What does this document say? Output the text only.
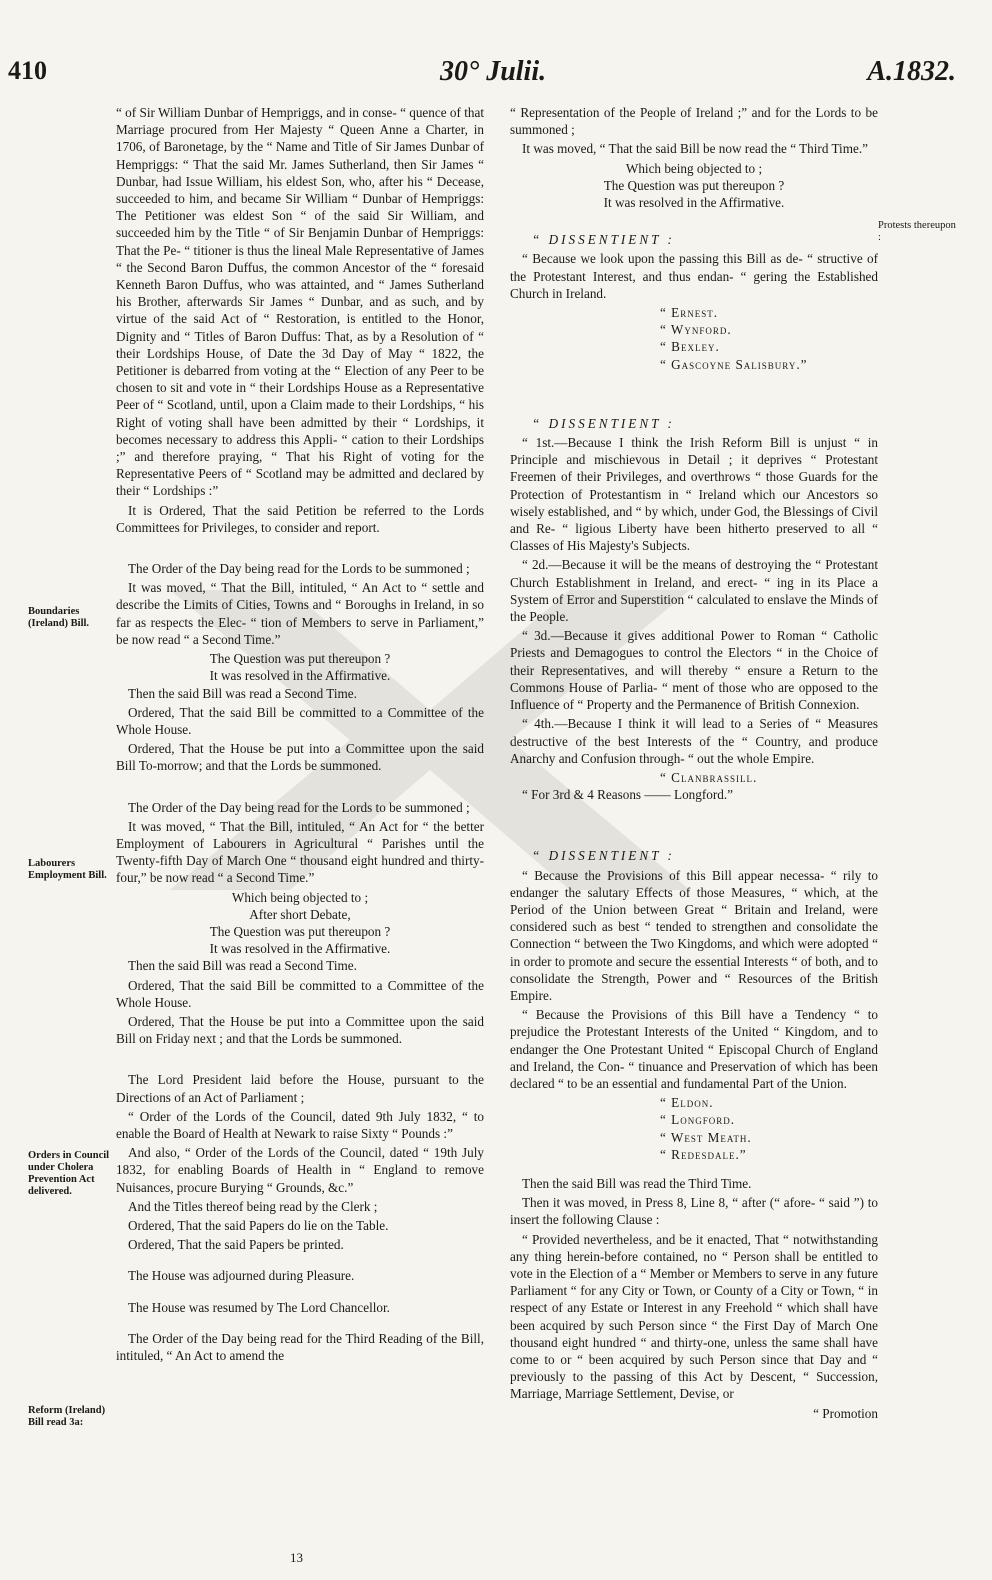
410	30° Julii.	A.1832.
Boundaries (Ireland) Bill.
Labourers Employment Bill.
Orders in Council under Cholera Prevention Act delivered.
Reform (Ireland) Bill read 3a:
Protests thereupon :

“ of Sir William Dunbar of Hempriggs, and in conse- “ quence of that Marriage procured from Her Majesty “ Queen Anne a Charter, in 1706, of Baronetage, by the “ Name and Title of Sir James Dunbar of Hempriggs: “ That the said Mr. James Sutherland, then Sir James “ Dunbar, had Issue William, his eldest Son, who, after his “ Decease, succeeded to him, and became Sir William “ Dunbar of Hempriggs: The Petitioner was eldest Son “ of the said Sir William, and succeeded him by the Title “ of Sir Benjamin Dunbar of Hempriggs: That the Pe- “ titioner is thus the lineal Male Representative of James “ the Second Baron Duffus, the common Ancestor of the “ foresaid Kenneth Baron Duffus, who was attainted, and “ James Sutherland his Brother, afterwards Sir James “ Dunbar, and as such, and by virtue of the said Act of “ Restoration, is entitled to the Honor, Dignity and “ Titles of Baron Duffus: That, as by a Resolution of “ their Lordships House, of Date the 3d Day of May “ 1822, the Petitioner is debarred from voting at the “ Election of any Peer to be chosen to sit and vote in “ their Lordships House as a Representative Peer of “ Scotland, until, upon a Claim made to their Lordships, “ his Right of voting shall have been admitted by their “ Lordships, it becomes necessary to address this Appli- “ cation to their Lordships ;” and therefore praying, “ That his Right of voting for the Representative Peers of “ Scotland may be admitted and declared by their “ Lordships :”

It is Ordered, That the said Petition be referred to the Lords Committees for Privileges, to consider and report.

The Order of the Day being read for the Lords to be summoned ;

It was moved, “ That the Bill, intituled, “ An Act to “ settle and describe the Limits of Cities, Towns and “ Boroughs in Ireland, in so far as respects the Elec- “ tion of Members to serve in Parliament,” be now read “ a Second Time.”

The Question was put thereupon ?

It was resolved in the Affirmative.

Then the said Bill was read a Second Time.

Ordered, That the said Bill be committed to a Committee of the Whole House.

Ordered, That the House be put into a Committee upon the said Bill To-morrow; and that the Lords be summoned.

The Order of the Day being read for the Lords to be summoned ;

It was moved, “ That the Bill, intituled, “ An Act for “ the better Employment of Labourers in Agricultural “ Parishes until the Twenty-fifth Day of March One “ thousand eight hundred and thirty-four,” be now read “ a Second Time.”

Which being objected to ;

After short Debate,

The Question was put thereupon ?

It was resolved in the Affirmative.

Then the said Bill was read a Second Time.

Ordered, That the said Bill be committed to a Committee of the Whole House.

Ordered, That the House be put into a Committee upon the said Bill on Friday next ; and that the Lords be summoned.

The Lord President laid before the House, pursuant to the Directions of an Act of Parliament ;

“ Order of the Lords of the Council, dated 9th July 1832, “ to enable the Board of Health at Newark to raise Sixty “ Pounds :”

And also, “ Order of the Lords of the Council, dated “ 19th July 1832, for enabling Boards of Health in “ England to remove Nuisances, procure Burying “ Grounds, &c.”

And the Titles thereof being read by the Clerk ;

Ordered, That the said Papers do lie on the Table.

Ordered, That the said Papers be printed.

The House was adjourned during Pleasure.

The House was resumed by The Lord Chancellor.

The Order of the Day being read for the Third Reading of the Bill, intituled, “ An Act to amend the

“ Representation of the People of Ireland ;” and for the Lords to be summoned ;

It was moved, “ That the said Bill be now read the “ Third Time.”

Which being objected to ;

The Question was put thereupon ?

It was resolved in the Affirmative.

“ DISSENTIENT :

“ Because we look upon the passing this Bill as de- “ structive of the Protestant Interest, and thus endan- “ gering the Established Church in Ireland.

“ Ernest.

“ Wynford.

“ Bexley.

“ Gascoyne Salisbury.”

“ DISSENTIENT :

“ 1st.—Because I think the Irish Reform Bill is unjust “ in Principle and mischievous in Detail ; it deprives “ Protestant Freemen of their Privileges, and overthrows “ those Guards for the Protection of Protestantism in “ Ireland which our Ancestors so wisely established, and “ by which, under God, the Blessings of Civil and Re- “ ligious Liberty have been hitherto preserved to all “ Classes of His Majesty's Subjects.

“ 2d.—Because it will be the means of destroying the “ Protestant Church Establishment in Ireland, and erect- “ ing in its Place a System of Error and Superstition “ calculated to enslave the Minds of the People.

“ 3d.—Because it gives additional Power to Roman “ Catholic Priests and Demagogues to control the Electors “ in the Choice of their Representatives, and will thereby “ ensure a Return to the Commons House of Parlia- “ ment of those who are opposed to the Influence of “ Property and the Permanence of British Connexion.

“ 4th.—Because I think it will lead to a Series of “ Measures destructive of the best Interests of the “ Country, and produce Anarchy and Confusion through- “ out the whole Empire.

“ Clanbrassill.

“ For 3rd & 4 Reasons —— Longford.”

“ DISSENTIENT :

“ Because the Provisions of this Bill appear necessa- “ rily to endanger the salutary Effects of those Measures, “ which, at the Period of the Union between Great “ Britain and Ireland, were considered such as best “ tended to strengthen and consolidate the Connection “ between the Two Kingdoms, and which were adopted “ in order to promote and secure the essential Interests “ of both, and to consolidate the Strength, Power and “ Resources of the British Empire.

“ Because the Provisions of this Bill have a Tendency “ to prejudice the Protestant Interests of the United “ Kingdom, and to endanger the One Protestant United “ Episcopal Church of England and Ireland, the Con- “ tinuance and Preservation of which has been declared “ to be an essential and fundamental Part of the Union.

“ Eldon.

“ Longford.

“ West Meath.

“ Redesdale.”

Then the said Bill was read the Third Time.

Then it was moved, in Press 8, Line 8, “ after (“ afore- “ said ”) to insert the following Clause :

“ Provided nevertheless, and be it enacted, That “ notwithstanding any thing herein-before contained, no “ Person shall be entitled to vote in the Election of a “ Member or Members to serve in any future Parliament “ for any City or Town, or County of a City or Town, “ in respect of any Estate or Interest in any Freehold “ which shall have been acquired by such Person since “ the First Day of March One thousand eight hundred “ and thirty-one, unless the same shall have come to or “ been acquired by such Person since that Day and “ previously to the passing of this Act by Descent, “ Succession, Marriage, Marriage Settlement, Devise, or

“ Promotion

13
